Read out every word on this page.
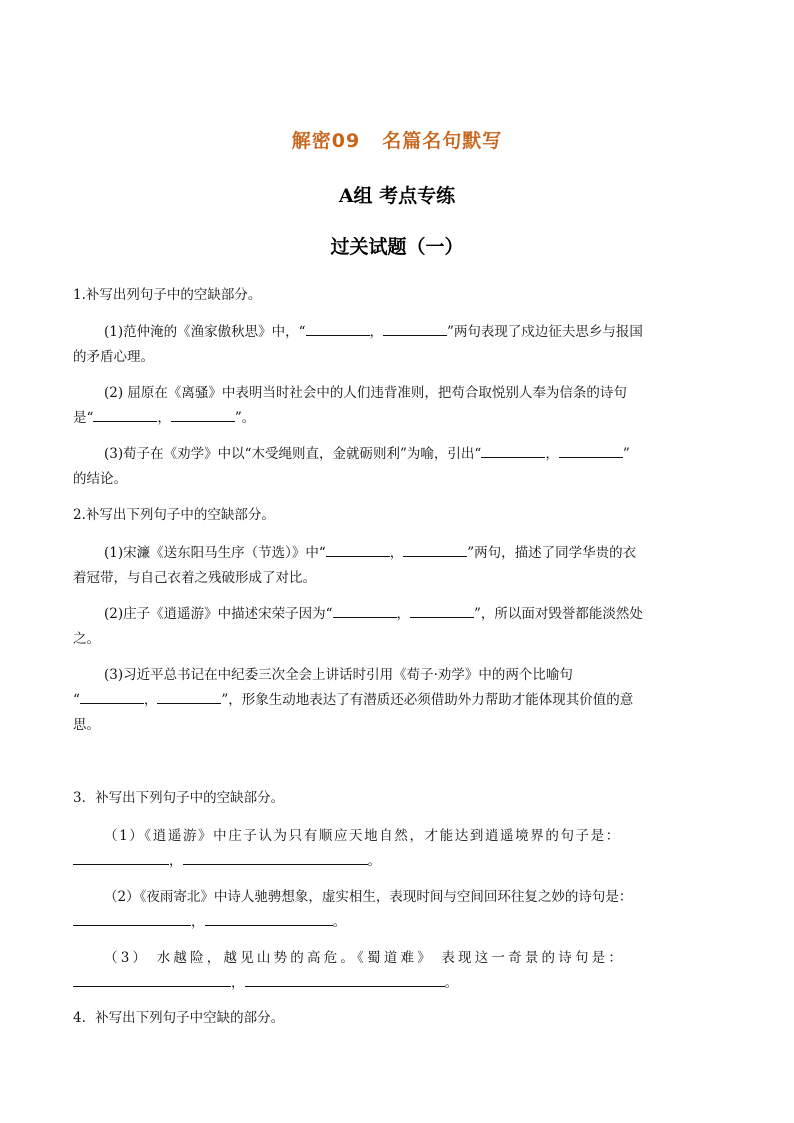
解密09 名篇名句默写
A组 考点专练
过关试题（一）
1.补写出列句子中的空缺部分。
(1)范仲淹的《渔家傲秋思》中，“	，	”两句表现了戍边征夫思乡与报国
的矛盾心理。
(2) 屈原在《离骚》中表明当时社会中的人们违背准则，把苟合取悦别人奉为信条的诗句
是“	，	”。
(3)荀子在《劝学》中以“木受绳则直，金就砺则利”为喻，引出“	，	”
的结论。
2.补写出下列句子中的空缺部分。
(1)宋濂《送东阳马生序（节选）》中“	，	”两句，描述了同学华贵的衣
着冠带，与自己衣着之残破形成了对比。
(2)庄子《逍遥游》中描述宋荣子因为“	，	”，所以面对毁誉都能淡然处
之。
(3)习近平总书记在中纪委三次全会上讲话时引用《荀子·劝学》中的两个比喻句
“	，	”，形象生动地表达了有潜质还必须借助外力帮助才能体现其价值的意
思。
3．补写出下列句子中的空缺部分。
（1）《逍遥游》中庄子认为只有顺应天地自然，才能达到逍遥境界的句子是：
，	。
（2）《夜雨寄北》中诗人驰骋想象，虚实相生，表现时间与空间回环往复之妙的诗句是：
，	。
（3） 水越险，越见山势的高危。《蜀道难》 表现这一奇景的诗句是：
，	。
4．补写出下列句子中空缺的部分。
